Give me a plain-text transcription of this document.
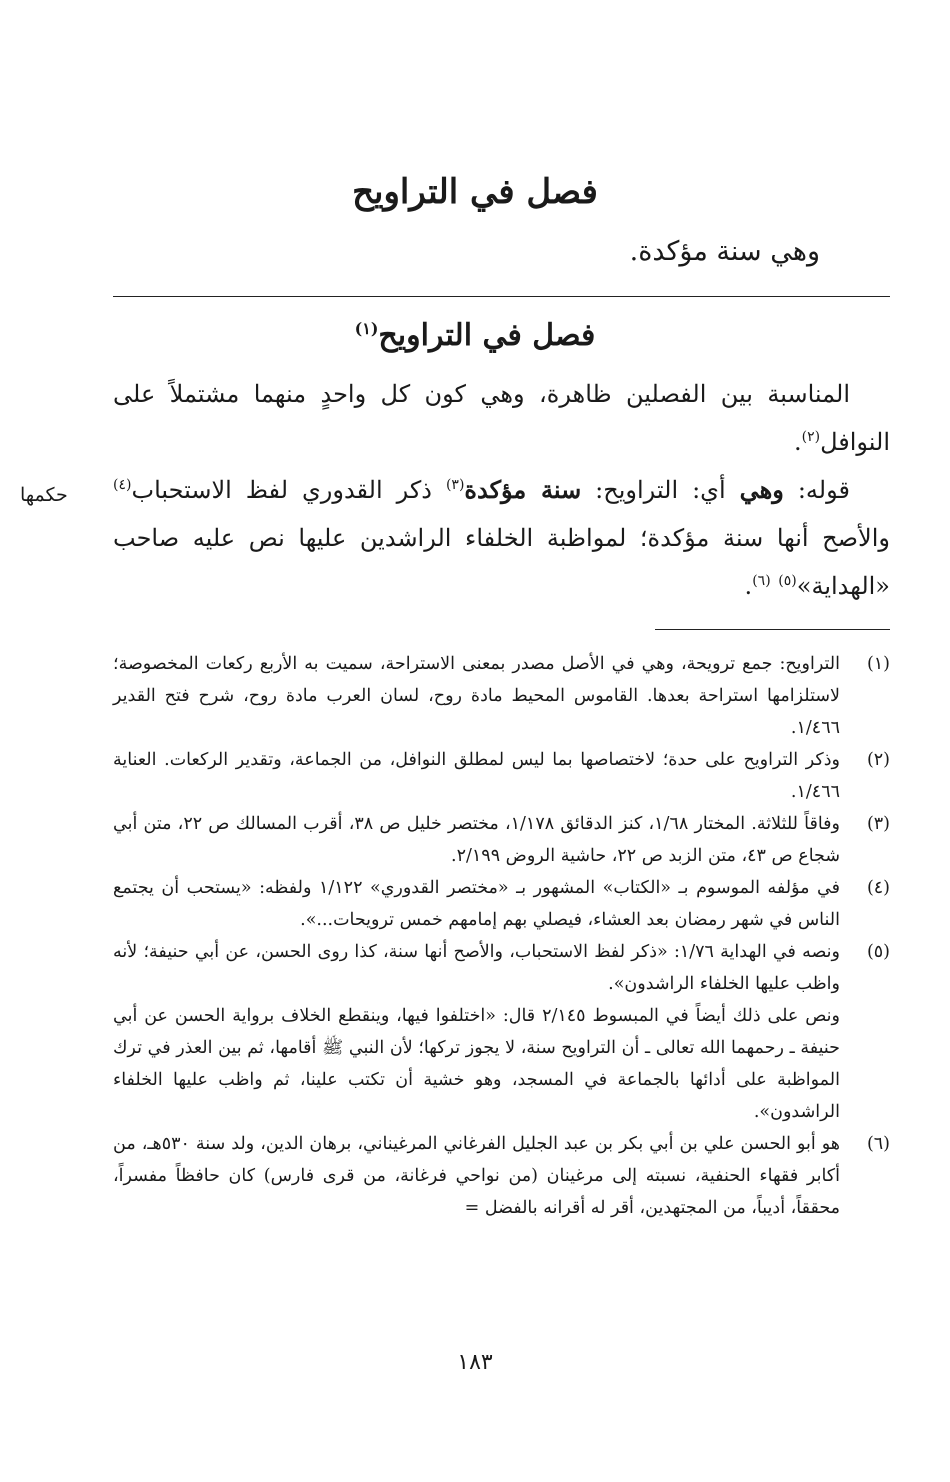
فصل في التراويح
وهي سنة مؤكدة.
فصل في التراويح$^{(١)}$

المناسبة بين الفصلين ظاهرة، وهي كون كل واحدٍ منهما مشتملاً على النوافل$^{(٢)}$.

قوله: وهي أي: التراويح: سنة مؤكدة$^{(٣)}$ ذكر القدوري لفظ الاستحباب$^{(٤)}$ والأصح أنها سنة مؤكدة؛ لمواظبة الخلفاء الراشدين عليها نص عليه صاحب «الهداية»$^{(٥)}$ $^{(٦)}$.

حكمها
(١)
التراويح: جمع ترويحة، وهي في الأصل مصدر بمعنى الاستراحة، سميت به الأربع ركعات المخصوصة؛ لاستلزامها استراحة بعدها. القاموس المحيط مادة روح، لسان العرب مادة روح، شرح فتح القدير ١/٤٦٦.
(٢)
وذكر التراويح على حدة؛ لاختصاصها بما ليس لمطلق النوافل، من الجماعة، وتقدير الركعات. العناية ١/٤٦٦.
(٣)
وفاقاً للثلاثة. المختار ١/٦٨، كنز الدقائق ١/١٧٨، مختصر خليل ص ٣٨، أقرب المسالك ص ٢٢، متن أبي شجاع ص ٤٣، متن الزبد ص ٢٢، حاشية الروض ٢/١٩٩.
(٤)
في مؤلفه الموسوم بـ «الكتاب» المشهور بـ «مختصر القدوري» ١/١٢٢ ولفظه: «يستحب أن يجتمع الناس في شهر رمضان بعد العشاء، فيصلي بهم إمامهم خمس ترويحات...».
(٥)
ونصه في الهداية ١/٧٦: «ذكر لفظ الاستحباب، والأصح أنها سنة، كذا روى الحسن، عن أبي حنيفة؛ لأنه واظب عليها الخلفاء الراشدون».
ونص على ذلك أيضاً في المبسوط ٢/١٤٥ قال: «اختلفوا فيها، وينقطع الخلاف برواية الحسن عن أبي حنيفة ـ رحمهما الله تعالى ـ أن التراويح سنة، لا يجوز تركها؛ لأن النبي ﷺ أقامها، ثم بين العذر في ترك المواظبة على أدائها بالجماعة في المسجد، وهو خشية أن تكتب علينا، ثم واظب عليها الخلفاء الراشدون».
(٦)
هو أبو الحسن علي بن أبي بكر بن عبد الجليل الفرغاني المرغيناني، برهان الدين، ولد سنة ٥٣٠هـ، من أكابر فقهاء الحنفية، نسبته إلى مرغينان (من نواحي فرغانة، من قرى فارس) كان حافظاً مفسراً، محققاً، أديباً، من المجتهدين، أقر له أقرانه بالفضل =
١٨٣
